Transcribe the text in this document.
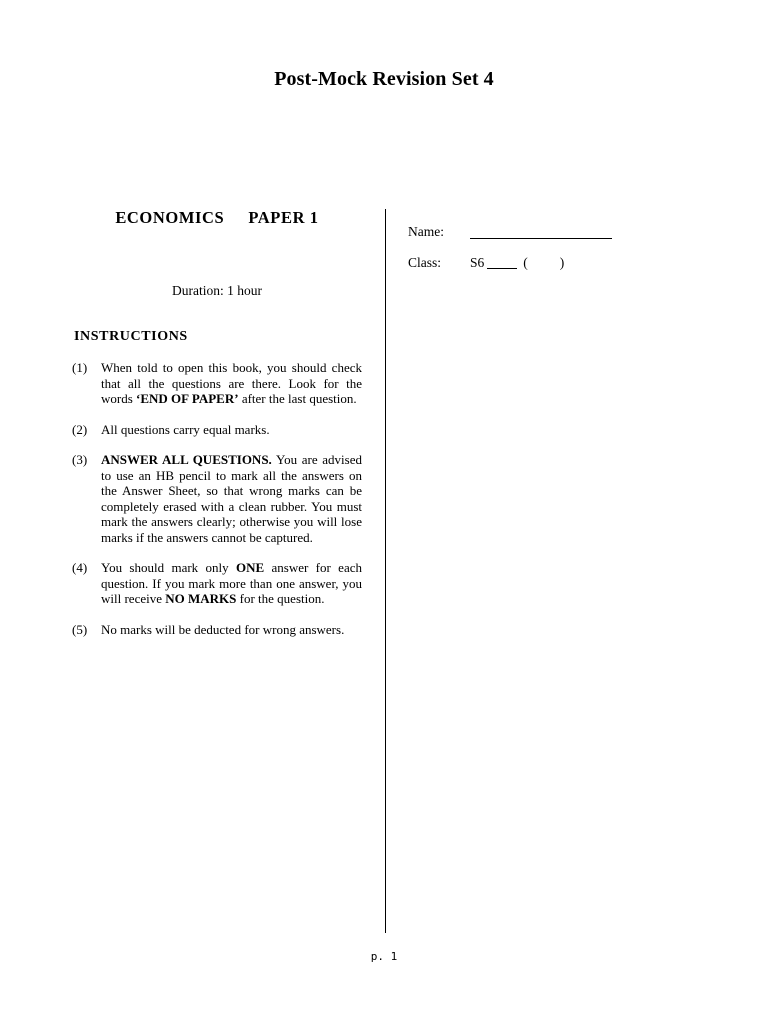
Post-Mock Revision Set 4
ECONOMICS PAPER 1
Duration: 1 hour
INSTRUCTIONS
(1)	When told to open this book, you should check that all the questions are there. Look for the words ‘END OF PAPER’ after the last question.
(2)	All questions carry equal marks.
(3)	ANSWER ALL QUESTIONS. You are advised to use an HB pencil to mark all the answers on the Answer Sheet, so that wrong marks can be completely erased with a clean rubber. You must mark the answers clearly; otherwise you will lose marks if the answers cannot be captured.
(4)	You should mark only ONE answer for each question. If you mark more than one answer, you will receive NO MARKS for the question.
(5)	No marks will be deducted for wrong answers.
Name:
Class:	S6	( )
p. 1
